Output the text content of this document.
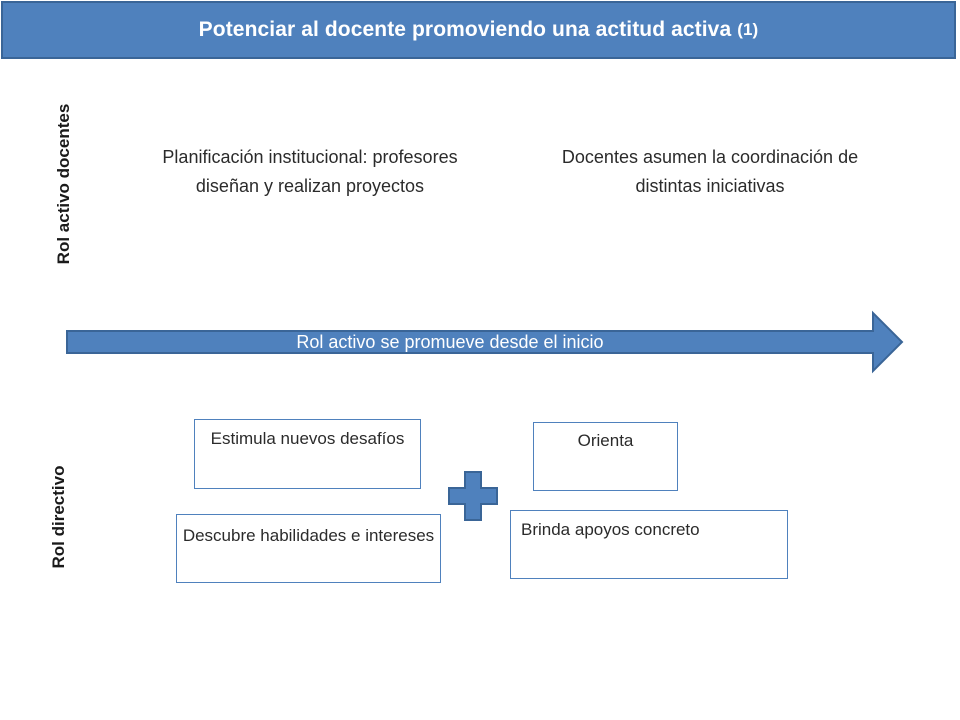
Potenciar al docente promoviendo una actitud activa (1)
Rol activo docentes
Rol directivo
Planificación institucional: profesores diseñan y realizan proyectos
Docentes asumen la coordinación de distintas iniciativas
Rol activo se promueve desde el inicio
Estimula nuevos desafíos
Descubre habilidades e intereses
Orienta
Brinda apoyos concreto
